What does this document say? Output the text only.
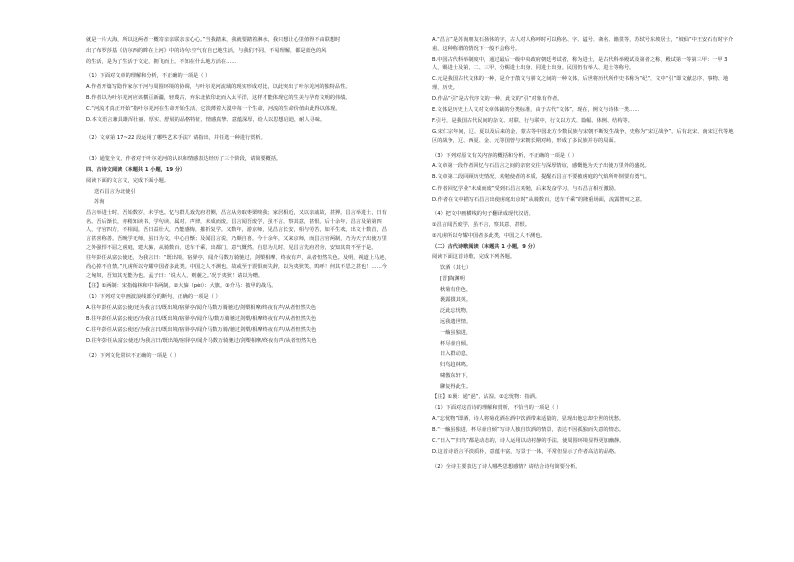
就是一片大海，所以这两者一概寄亲亲联亲亲心心。”当我踏来，我就要踏着淋水，我只想让心里值得不由联想时

出了布罗莎基《仿尔西的眸在上河》中的诗句:空气有自已地生活，与我们不同，不易理解，都是蓝色的风

的生活，是为了生活于文定，拥飞而上。不知在什么地方活在……

（1）下面对文章的理解和分析，不正确的一项是（ ）

A.作者开篇写隐作家尔干河与周围环境的协调，与叶尔羌河流域的现实形成对比，以此突出了叶尔羌河的独特品性。

B.作者以为叶尔羌河应该横亘新疆，轻蔑古，弃东北依印北而入太平洋，这样才能体现它的生美与孕育文明的伟绩。

C.“河流才真正开始”指叶尔羌河在生命开始生活，它淡薄着大漠中每一个生命，河流的生命价值由此得以体现。

D.本文语言兼具雄浑壮丽、厚实、舒展的品格特征，情感真挚、意蕴深厚，给人以思想启迪，耐人寻味。

（2）文章第 17~22 段运用了哪些艺术手法？请指出，并任选一种进行赏析。

（3）通览全文，作者对于叶尔羌河的认识和情感表达经历了三个阶段，请简要概括。

四、古诗文阅读（本题共 1 小题，19 分）

阅读下面的文言文，完成下面小题。

送石昌言为北使引

苏洵

昌言举进士时，吾始数岁，未学也。忆与群儿戏先府君侧，昌言从旁取枣栗啖我；家居相近，又以亲戚故，甚狎。昌言举进士，日有名。吾后渐长，亦稍知读书，学句读、属对、声律，未成而废。昌言闻吾废学，虽不言，察其意，甚恨。后十余年，昌言及第第四人，守官四方，不相闻。吾日益壮大，乃能感悔，摧折复学。又数年，游京师，见昌言长安，相与劳苦，如平生欢。出文十数首，昌言甚喜称善。吾晚学无师，虽日为文，中心自惭；及闻昌言说，乃颇自喜。今十余年，又来京师，而昌言官两制，乃为天子出使万里之外强悍不屈之虏庭，建大旆，从骑数百，送车千乘，出都门，意气慨然。自思为儿时，见昌言先府君旁，安知其贵不至于是。

往年彭任从富公使还，为我言曰：“既出境，宿驿亭，闻介马数万骑驰过，剑槊相摩，终夜有声，从者怛然失色。及明，视道上马迹，尚心掉不自禁。”凡虏所以夸耀中国者多此类。中国之人不测也，故或至于震惧而失辞，以为夷狄笑。呜呼！何其不思之甚也！……今之匈奴，吾知其无能为也。孟子曰：‘说大人，则藐之。’况于夷狄！请以为赠。

【注】①两制：宋指翰林和中书两制。②大旆（pèi）：大旗。③介马：披甲的战马。

（1）下列对文中画波浪线部分的断句，正确的一项是（ ）

A.往年彭任从富公使/还为我言曰/既出境/宿驿亭/闻介马数万骑驰过/剑槊相摩/终夜有声/从者怛然失色

B.往年彭任从富公使还/为我言曰/既出境/宿驿亭/闻介马/数万骑驰过剑槊/相摩终夜有声/从者怛然失色

C.往年彭任从富公使还/为我言曰/既出境/宿驿亭/闻介马数万骑/驰过剑槊/相摩终夜有声/从者怛然失色

D.往年彭任从富公使还/为我言曰/既出境/宿驿亭/闻介马数万骑驰过/剑槊相摩/终夜有声/从者怛然失色

（2）下列文化常识不正确的一项是（ ）

A.“昌言”是苏洵朋友石扬休的字，古人对人称呼时可以称名、字、谥号、斋名、籍贯等，苏轼号东坡居士，“坡仙”中王安石有时字介甫，这种称谓的情况下一般不会称号。

B.中国古代科举制度中，通过最后一级中央政府朝廷考试者，称为进士，是古代科举殿试及第者之称，殿试第一等第三甲：一甲 3 人，赐进士及第，二、三甲，分赐进士出身、同进士出身。民国仍有举人、进士等称号。

C.元是我国古代文体的一种，是介于散文与骈文之间的一种文体，后世将历代所作史书称为“纪”，文中“引”即文献总序、事物、地理、历史。

D.作品“引”是古代序文的一种，此文的“引”对象有作者。

E.文体是历史上人文对文章体裁的分类标准，由于古代“文体”，现在，例文与诗体一类……

F.引号，是我国古代民间的杂文、对联、行与联中，行文以方式、篇幅、体例、结构等。

G.宋仁宗年间，辽、夏以及后来的金、蒙古等中国北方少数民族与宋朝不断发生战争，史称为“宋辽战争”，后有北宋、南宋辽代等地区的战争，辽、西夏、金、元等国曾与宋朝长期对峙，形成了多民族并存的局面。

（3）下列对原文有关内容的概括和分析，不正确的一项是（ ）

A.文章第一段作者回忆与石昌言之间的亲密交往与深厚情谊，感慨他为天子出使万里外的盛况。

B.文章第二段回顾历史情况，劝勉使者的本质，提醒石昌言不要被虏庭的气焰所吓倒要有勇气。

C.作者回忆学业“未成而废”受到石昌言劝勉，后来发奋学习，与石昌言相互激励。

D.作者在文中描写石昌言出使虏庭出京时“从骑数百，送车千乘”的隆重场面，流露赞叹之意。

（4）把文中画横线的句子翻译成现代汉语。

①昌言闻吾废学，虽不言，察其意，甚恨。

②凡虏所以夸耀中国者多此类，中国之人不测也。

（二）古代诗歌阅读（本题共 1 小题，9 分）

阅读下面这首诗歌，完成下列各题。

饮酒（其七）

[晋]陶渊明

秋菊有佳色，

裛露掇其英。

泛此忘忧物，

远我遗世情。

一觞虽独进，

杯尽壶自倾。

日入群动息，

归鸟趋林鸣。

啸傲东轩下，

聊复得此生。

【注】①裛：通“浥”，沾湿。②忘忧物：指酒。

（1）下面对这首诗的理解和赏析，不恰当的一项是（ ）

A.“忘忧物”即酒，诗人将菊花酒在酒中饮酒带来适量的，显现出他忘却尘世的忧愁。

B.“一觞虽独进，杯尽壶自倾”写诗人独自饮酒的情景，表达不因孤独而失意的情态。

C.“日入”“归鸟”都是动态的，诗人运用以动衬静的手法，使周围环境显得更加幽静。

D.这首诗语言平淡质朴，意蕴丰富，写景于一体，平常但显示了作者高洁的品格。

（2）全诗主要表达了诗人哪些思想感情？请结合诗句简要分析。
